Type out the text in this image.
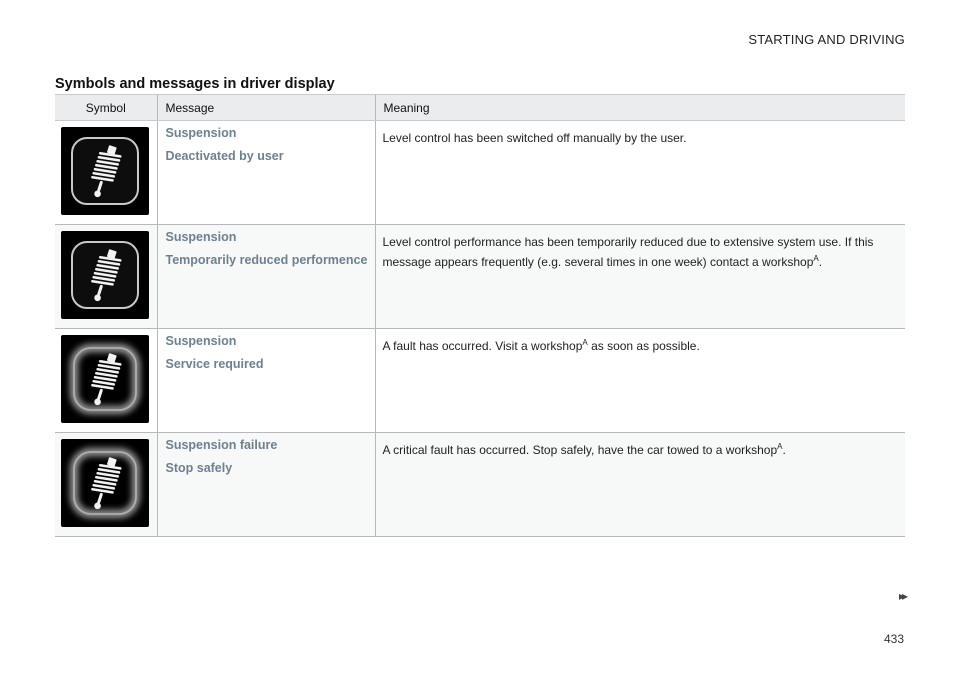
STARTING AND DRIVING
Symbols and messages in driver display
Symbol	Message	Meaning

Suspension
Deactivated by user	Level control has been switched off manually by the user.

Suspension
Temporarily reduced performence	Level control performance has been temporarily reduced due to extensive system use. If this message appears frequently (e.g. several times in one week) contact a workshop$^A$.

Suspension
Service required	A fault has occurred. Visit a workshop$^A$ as soon as possible.

Suspension failure
Stop safely	A critical fault has occurred. Stop safely, have the car towed to a workshop$^A$.
▸▸
433
